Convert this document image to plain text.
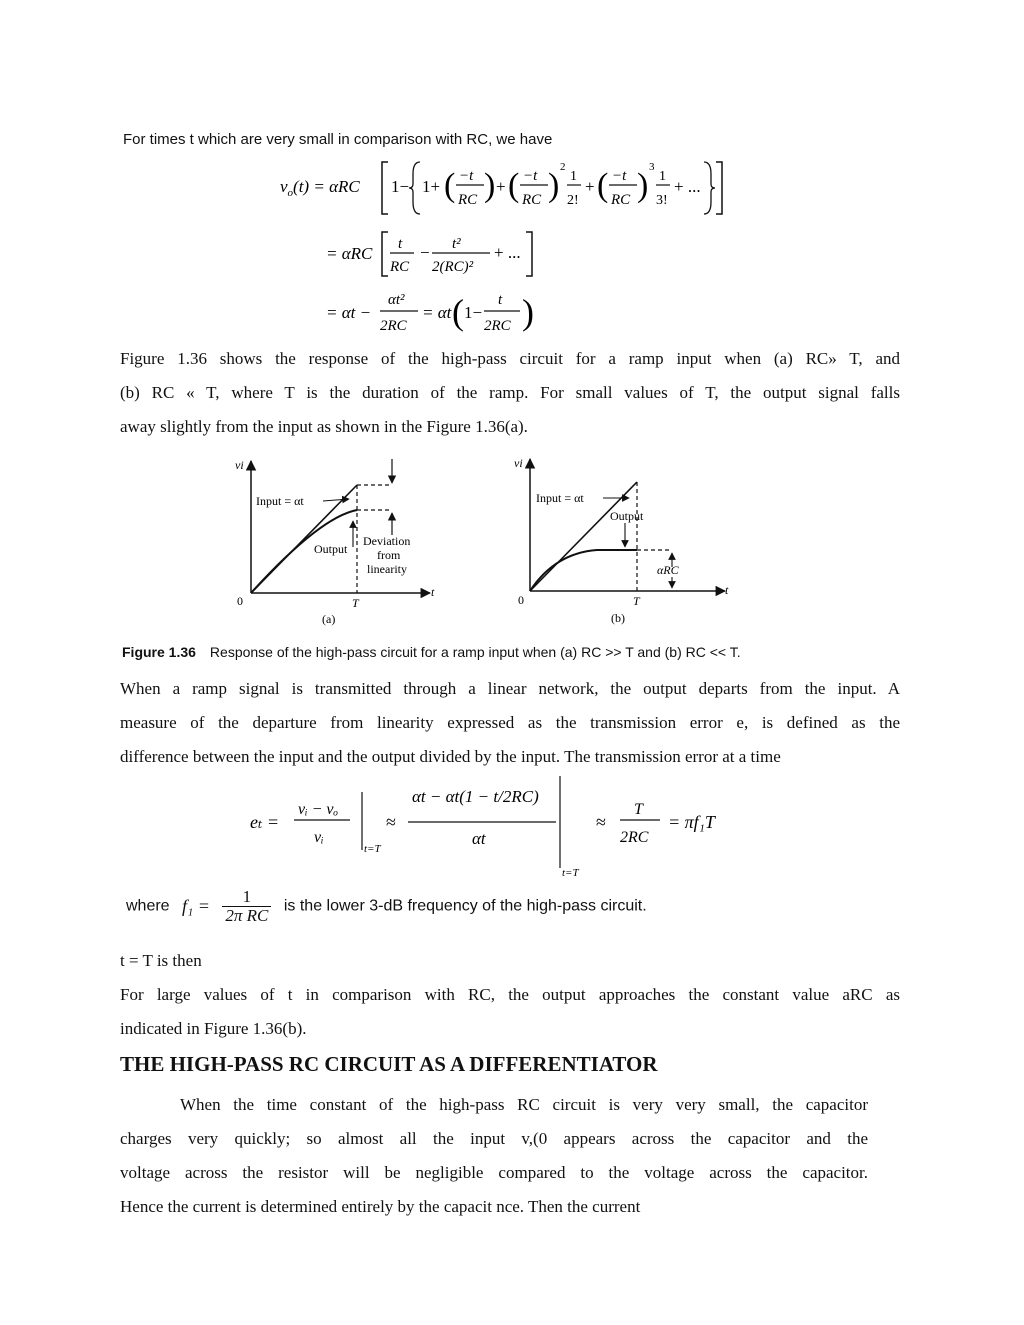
For times t which are very small in comparison with RC, we have
$v_o(t) = \alpha RC$ 1− 1+ ( −t
RC ) + ( −t
RC ) 2
1
2!
+ ( −t
RC ) 3
1
3!
+ ...
= αRC t
RC
− t²
2(RC)²
+ ...
= αt −
αt²
2RC
= αt ( 1−
t
2RC )
Figure 1.36 shows the response of the high-pass circuit for a ramp input when (a) RC» T, and
(b) RC « T, where T is the duration of the ramp. For small values of T, the output signal falls
away slightly from the input as shown in the Figure 1.36(a).
vi
t
0	T
(a)
Input = αt
Output
Deviation
from
linearity
vi
t
0	T
(b)
Input = αt
Output
αRC
Figure 1.36 Response of the high-pass circuit for a ramp input when (a) RC >> T and (b) RC << T.
When a ramp signal is transmitted through a linear network, the output departs from the input. A
measure of the departure from linearity expressed as the transmission error e, is defined as the
difference between the input and the output divided by the input. The transmission error at a time
eₜ =
vᵢ − vₒ
vᵢ
t=T
≈
αt − αt(1 − t/2RC)
αt
t=T
≈
T
2RC
= πf₁T
where $f_1 = \frac{1}{\text{2π RC}}$ is the lower 3-dB frequency of the high-pass circuit.
t = T is then
For large values of t in comparison with RC, the output approaches the constant value aRC as
indicated in Figure 1.36(b).
THE HIGH-PASS RC CIRCUIT AS A DIFFERENTIATOR
When the time constant of the high-pass RC circuit is very very small, the capacitor
charges very quickly; so almost all the input v,(0 appears across the capacitor and the
voltage across the resistor will be negligible compared to the voltage across the capacitor.
Hence the current is determined entirely by the capacit nce. Then the current
